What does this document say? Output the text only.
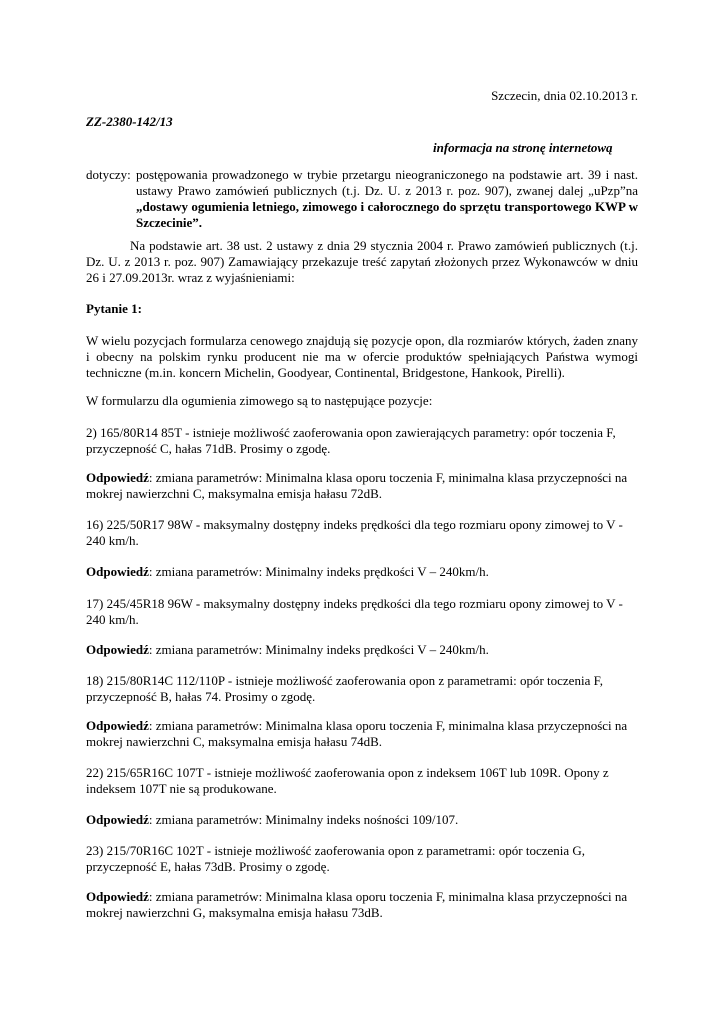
Szczecin, dnia 02.10.2013 r.
ZZ-2380-142/13
informacja na stronę internetową
dotyczy: postępowania prowadzonego w trybie przetargu nieograniczonego na podstawie art. 39 i nast. ustawy Prawo zamówień publicznych (t.j. Dz. U. z 2013 r. poz. 907), zwanej dalej „uPzp”na „dostawy ogumienia letniego, zimowego i całorocznego do sprzętu transportowego KWP w Szczecinie”.
Na podstawie art. 38 ust. 2 ustawy z dnia 29 stycznia 2004 r. Prawo zamówień publicznych (t.j. Dz. U. z 2013 r. poz. 907) Zamawiający przekazuje treść zapytań złożonych przez Wykonawców w dniu 26 i 27.09.2013r. wraz z wyjaśnieniami:
Pytanie 1:
W wielu pozycjach formularza cenowego znajdują się pozycje opon, dla rozmiarów których, żaden znany i obecny na polskim rynku producent nie ma w ofercie produktów spełniających Państwa wymogi techniczne (m.in. koncern Michelin, Goodyear, Continental, Bridgestone, Hankook, Pirelli).
W formularzu dla ogumienia zimowego są to następujące pozycje:
2) 165/80R14 85T - istnieje możliwość zaoferowania opon zawierających parametry: opór toczenia F, przyczepność C, hałas 71dB. Prosimy o zgodę.
Odpowiedź: zmiana parametrów: Minimalna klasa oporu toczenia F, minimalna klasa przyczepności na mokrej nawierzchni C, maksymalna emisja hałasu 72dB.
16) 225/50R17 98W - maksymalny dostępny indeks prędkości dla tego rozmiaru opony zimowej to V - 240 km/h.
Odpowiedź: zmiana parametrów: Minimalny indeks prędkości V – 240km/h.
17) 245/45R18 96W - maksymalny dostępny indeks prędkości dla tego rozmiaru opony zimowej to V - 240 km/h.
Odpowiedź: zmiana parametrów: Minimalny indeks prędkości V – 240km/h.
18) 215/80R14C 112/110P - istnieje możliwość zaoferowania opon z parametrami: opór toczenia F, przyczepność B, hałas 74. Prosimy o zgodę.
Odpowiedź: zmiana parametrów: Minimalna klasa oporu toczenia F, minimalna klasa przyczepności na mokrej nawierzchni C, maksymalna emisja hałasu 74dB.
22) 215/65R16C 107T - istnieje możliwość zaoferowania opon z indeksem 106T lub 109R. Opony z indeksem 107T nie są produkowane.
Odpowiedź: zmiana parametrów: Minimalny indeks nośności 109/107.
23) 215/70R16C 102T - istnieje możliwość zaoferowania opon z parametrami: opór toczenia G, przyczepność E, hałas 73dB. Prosimy o zgodę.
Odpowiedź: zmiana parametrów: Minimalna klasa oporu toczenia F, minimalna klasa przyczepności na mokrej nawierzchni G, maksymalna emisja hałasu 73dB.
